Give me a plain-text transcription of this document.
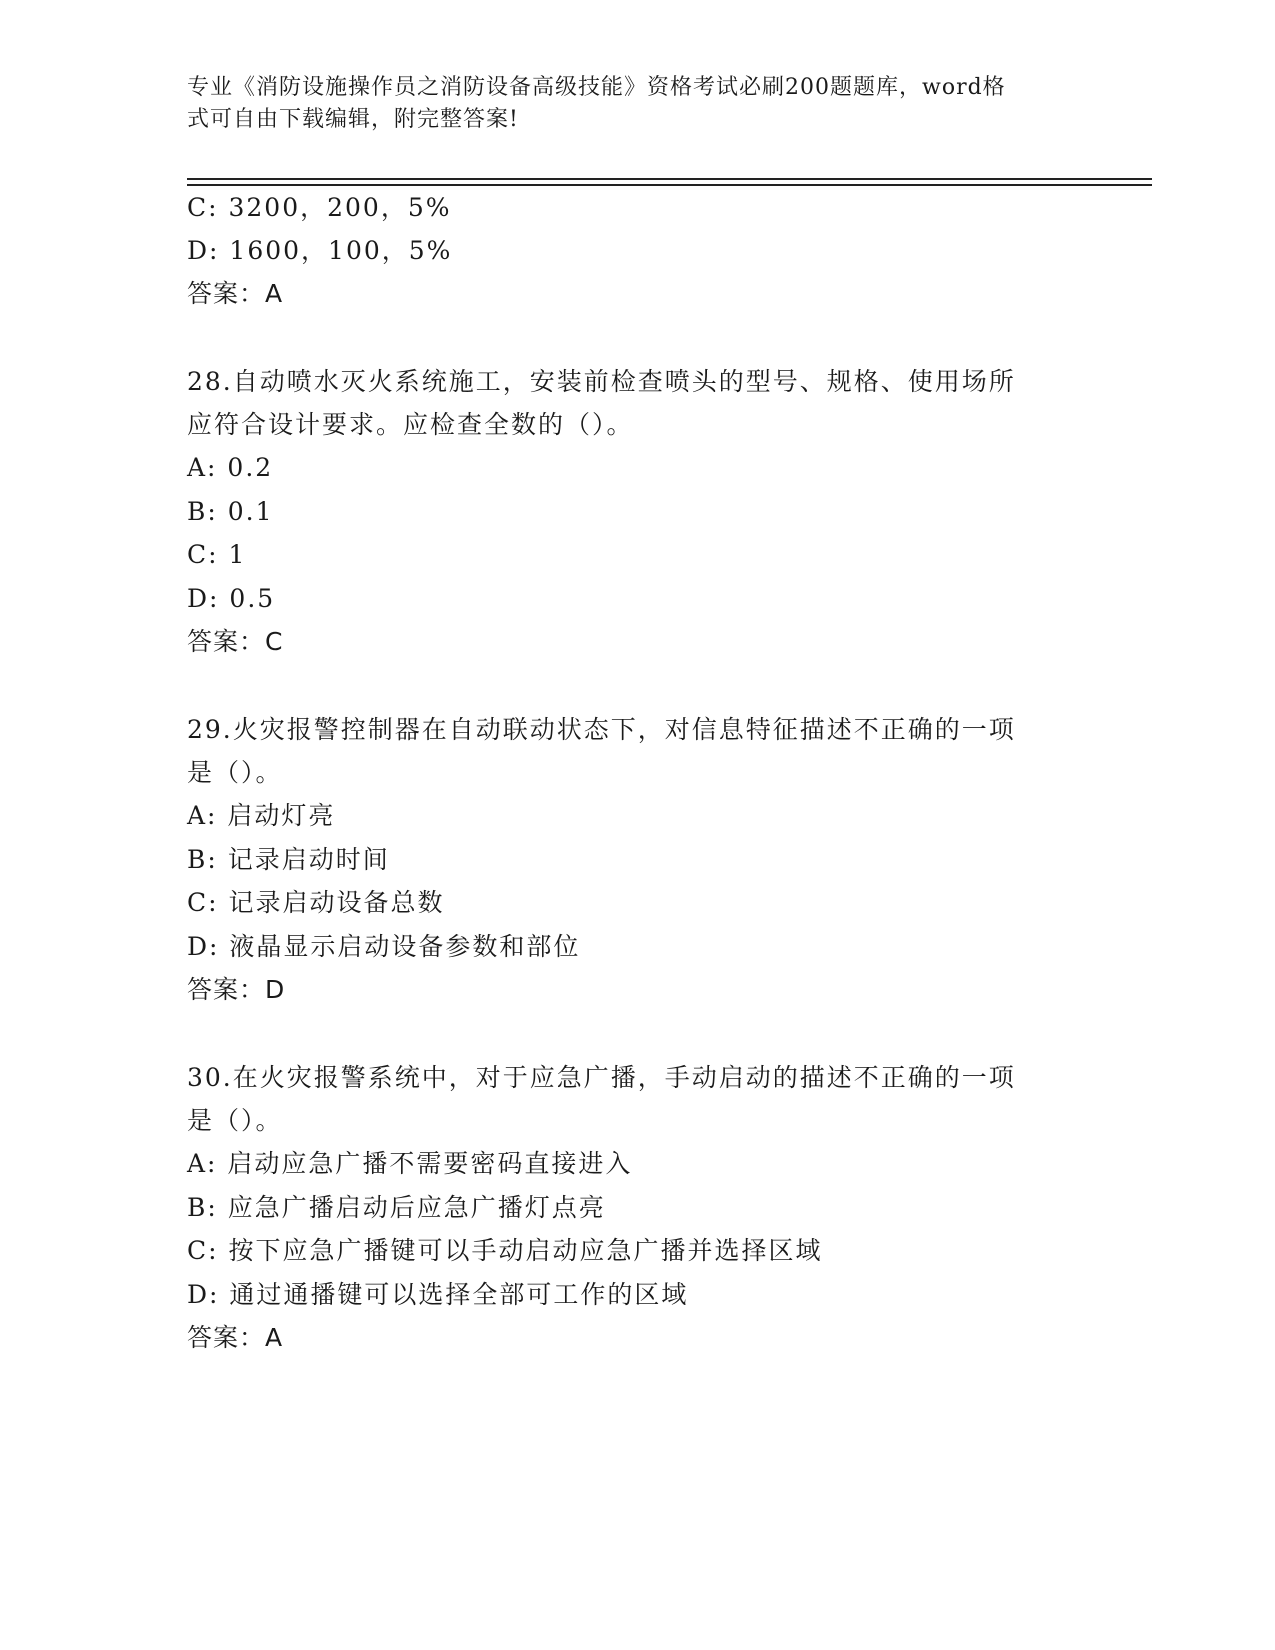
专业《消防设施操作员之消防设备高级技能》资格考试必刷200题题库，word格
式可自由下载编辑，附完整答案!
C: 3200，200，5%
D: 1600，100，5%
答案：A
28.自动喷水灭火系统施工，安装前检查喷头的型号、规格、使用场所
应符合设计要求。应检查全数的（）。
A: 0.2
B: 0.1
C: 1
D: 0.5
答案：C
29.火灾报警控制器在自动联动状态下，对信息特征描述不正确的一项
是（）。
A: 启动灯亮
B: 记录启动时间
C: 记录启动设备总数
D: 液晶显示启动设备参数和部位
答案：D
30.在火灾报警系统中，对于应急广播，手动启动的描述不正确的一项
是（）。
A: 启动应急广播不需要密码直接进入
B: 应急广播启动后应急广播灯点亮
C: 按下应急广播键可以手动启动应急广播并选择区域
D: 通过通播键可以选择全部可工作的区域
答案：A
